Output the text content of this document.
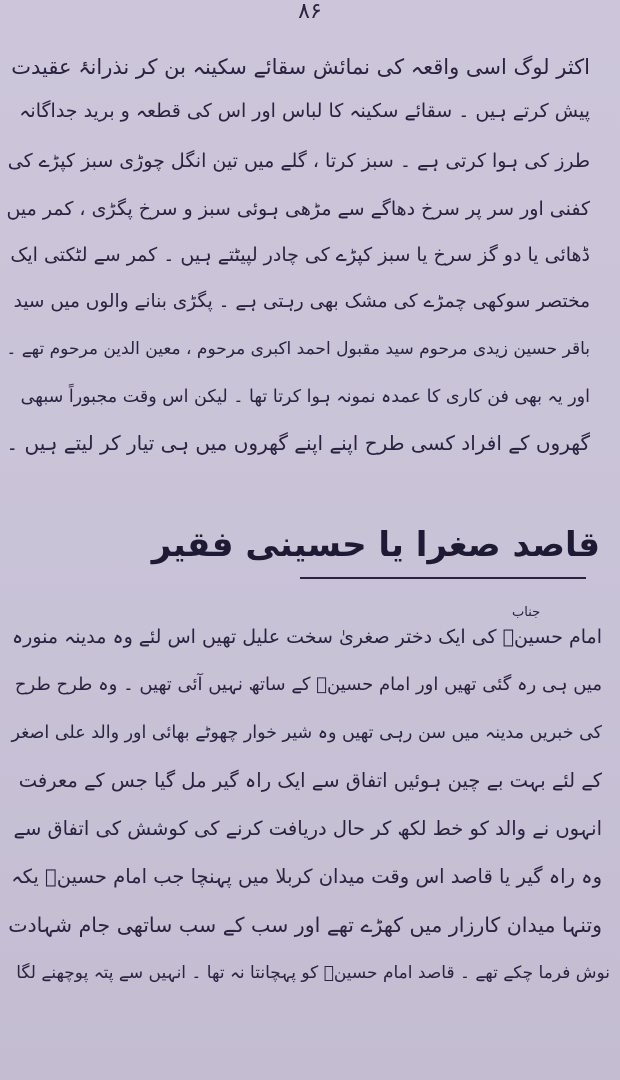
۸۶
اکثر لوگ اسی واقعہ کی نمائش سقائے سکینہ بن کر نذرانۂ عقیدت
پیش کرتے ہیں ۔ سقائے سکینہ کا لباس اور اس کی قطعہ و برید جداگانہ
طرز کی ہوا کرتی ہے ۔ سبز کرتا ، گلے میں تین انگل چوڑی سبز کپڑے کی
کفنی اور سر پر سرخ دھاگے سے مڑھی ہوئی سبز و سرخ پگڑی ، کمر میں
ڈھائی یا دو گز سرخ یا سبز کپڑے کی چادر لپیٹتے ہیں ۔ کمر سے لٹکتی ایک
مختصر سوکھی چمڑے کی مشک بھی رہتی ہے ۔ پگڑی بنانے والوں میں سید
باقر حسین زیدی مرحوم سید مقبول احمد اکبری مرحوم ، معین الدین مرحوم تھے ۔
اور یہ بھی فن کاری کا عمدہ نمونہ ہوا کرتا تھا ۔ لیکن اس وقت مجبوراً سبھی
گھروں کے افراد کسی طرح اپنے اپنے گھروں میں ہی تیار کر لیتے ہیں ۔
قاصد صغرا یا حسینی فقیر
جناب
امام حسینؑ کی ایک دختر صغریٰ سخت علیل تھیں اس لئے وہ مدینہ منورہ
میں ہی رہ گئی تھیں اور امام حسینؑ کے ساتھ نہیں آئی تھیں ۔ وہ طرح طرح
کی خبریں مدینہ میں سن رہی تھیں وہ شیر خوار چھوٹے بھائی اور والد علی اصغر
کے لئے بہت بے چین ہوئیں اتفاق سے ایک راہ گیر مل گیا جس کے معرفت
انہوں نے والد کو خط لکھ کر حال دریافت کرنے کی کوشش کی اتفاق سے
وہ راہ گیر یا قاصد اس وقت میدان کربلا میں پہنچا جب امام حسینؑ یکہ
وتنہا میدان کارزار میں کھڑے تھے اور سب کے سب ساتھی جام شہادت
نوش فرما چکے تھے ۔ قاصد امام حسینؑ کو پہچانتا نہ تھا ۔ انہیں سے پتہ پوچھنے لگا
